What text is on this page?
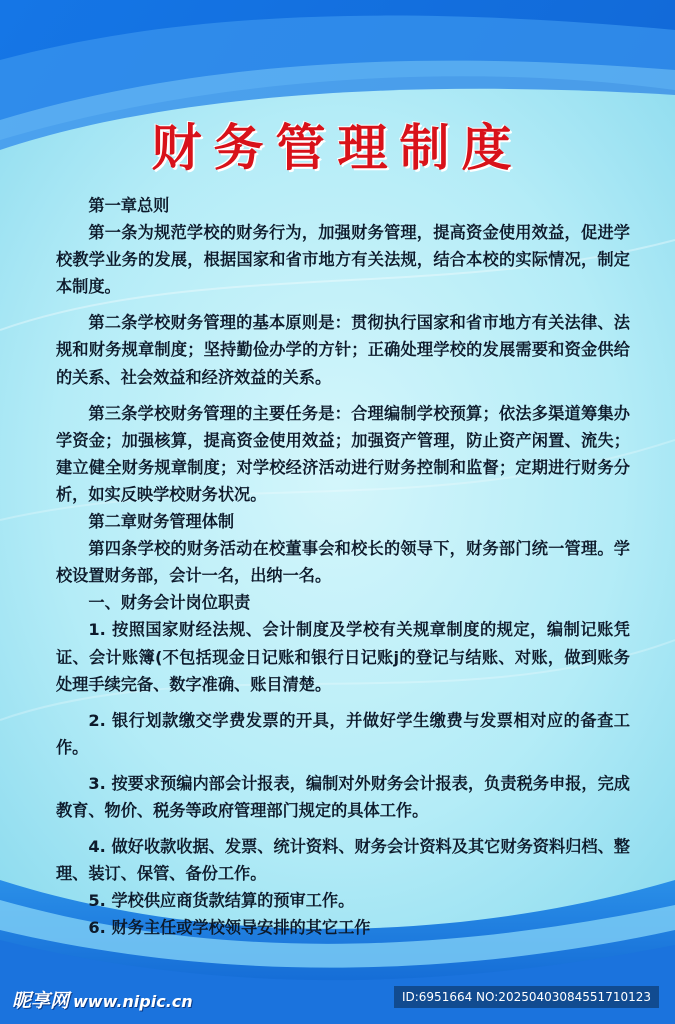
财务管理制度

第一章总则

第一条为规范学校的财务行为，加强财务管理，提高资金使用效益，促进学校教学业务的发展，根据国家和省市地方有关法规，结合本校的实际情况，制定本制度。

第二条学校财务管理的基本原则是：贯彻执行国家和省市地方有关法律、法规和财务规章制度；坚持勤俭办学的方针；正确处理学校的发展需要和资金供给的关系、社会效益和经济效益的关系。

第三条学校财务管理的主要任务是：合理编制学校预算；依法多渠道筹集办学资金；加强核算，提高资金使用效益；加强资产管理，防止资产闲置、流失；建立健全财务规章制度；对学校经济活动进行财务控制和监督；定期进行财务分析，如实反映学校财务状况。

第二章财务管理体制

第四条学校的财务活动在校董事会和校长的领导下，财务部门统一管理。学校设置财务部，会计一名，出纳一名。

一、财务会计岗位职责

1. 按照国家财经法规、会计制度及学校有关规章制度的规定，编制记账凭证、会计账簿(不包括现金日记账和银行日记账j的登记与结账、对账，做到账务处理手续完备、数字准确、账目清楚。

2. 银行划款缴交学费发票的开具，并做好学生缴费与发票相对应的备查工作。

3. 按要求预编内部会计报表，编制对外财务会计报表，负责税务申报，完成教育、物价、税务等政府管理部门规定的具体工作。

4. 做好收款收据、发票、统计资料、财务会计资料及其它财务资料归档、整理、装订、保管、备份工作。

5. 学校供应商货款结算的预审工作。

6. 财务主任或学校领导安排的其它工作

昵享网 www.nipic.cn	ID:6951664 NO:20250403084551710123
